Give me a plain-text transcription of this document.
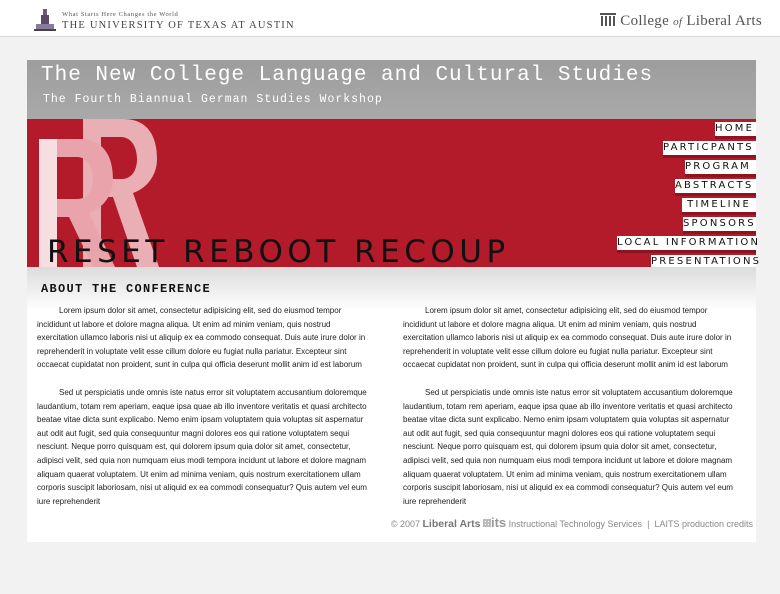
What Starts Here Changes the World
THE UNIVERSITY OF TEXAS AT AUSTIN	College of Liberal Arts
The New College Language and Cultural Studies
The Fourth Biannual German Studies Workshop
RESET REBOOT RECOUP
HOME
PARTICPANTS
PROGRAM
ABSTRACTS
TIMELINE
SPONSORS
LOCAL INFORMATION
PRESENTATIONS
ABOUT THE CONFERENCE

Lorem ipsum dolor sit amet, consectetur adipisicing elit, sed do eiusmod tempor incididunt ut labore et dolore magna aliqua. Ut enim ad minim veniam, quis nostrud exercitation ullamco laboris nisi ut aliquip ex ea commodo consequat. Duis aute irure dolor in reprehenderit in voluptate velit esse cillum dolore eu fugiat nulla pariatur. Excepteur sint occaecat cupidatat non proident, sunt in culpa qui officia deserunt mollit anim id est laborum

Sed ut perspiciatis unde omnis iste natus error sit voluptatem accusantium doloremque laudantium, totam rem aperiam, eaque ipsa quae ab illo inventore veritatis et quasi architecto beatae vitae dicta sunt explicabo. Nemo enim ipsam voluptatem quia voluptas sit aspernatur aut odit aut fugit, sed quia consequuntur magni dolores eos qui ratione voluptatem sequi nesciunt. Neque porro quisquam est, qui dolorem ipsum quia dolor sit amet, consectetur, adipisci velit, sed quia non numquam eius modi tempora incidunt ut labore et dolore magnam aliquam quaerat voluptatem. Ut enim ad minima veniam, quis nostrum exercitationem ullam corporis suscipit laboriosam, nisi ut aliquid ex ea commodi consequatur? Quis autem vel eum iure reprehenderit

Lorem ipsum dolor sit amet, consectetur adipisicing elit, sed do eiusmod tempor incididunt ut labore et dolore magna aliqua. Ut enim ad minim veniam, quis nostrud exercitation ullamco laboris nisi ut aliquip ex ea commodo consequat. Duis aute irure dolor in reprehenderit in voluptate velit esse cillum dolore eu fugiat nulla pariatur. Excepteur sint occaecat cupidatat non proident, sunt in culpa qui officia deserunt mollit anim id est laborum

Sed ut perspiciatis unde omnis iste natus error sit voluptatem accusantium doloremque laudantium, totam rem aperiam, eaque ipsa quae ab illo inventore veritatis et quasi architecto beatae vitae dicta sunt explicabo. Nemo enim ipsam voluptatem quia voluptas sit aspernatur aut odit aut fugit, sed quia consequuntur magni dolores eos qui ratione voluptatem sequi nesciunt. Neque porro quisquam est, qui dolorem ipsum quia dolor sit amet, consectetur, adipisci velit, sed quia non numquam eius modi tempora incidunt ut labore et dolore magnam aliquam quaerat voluptatem. Ut enim ad minima veniam, quis nostrum exercitationem ullam corporis suscipit laboriosam, nisi ut aliquid ex ea commodi consequatur? Quis autem vel eum iure reprehenderit

© 2007 Liberal Arts its Instructional Technology Services | LAITS production credits
